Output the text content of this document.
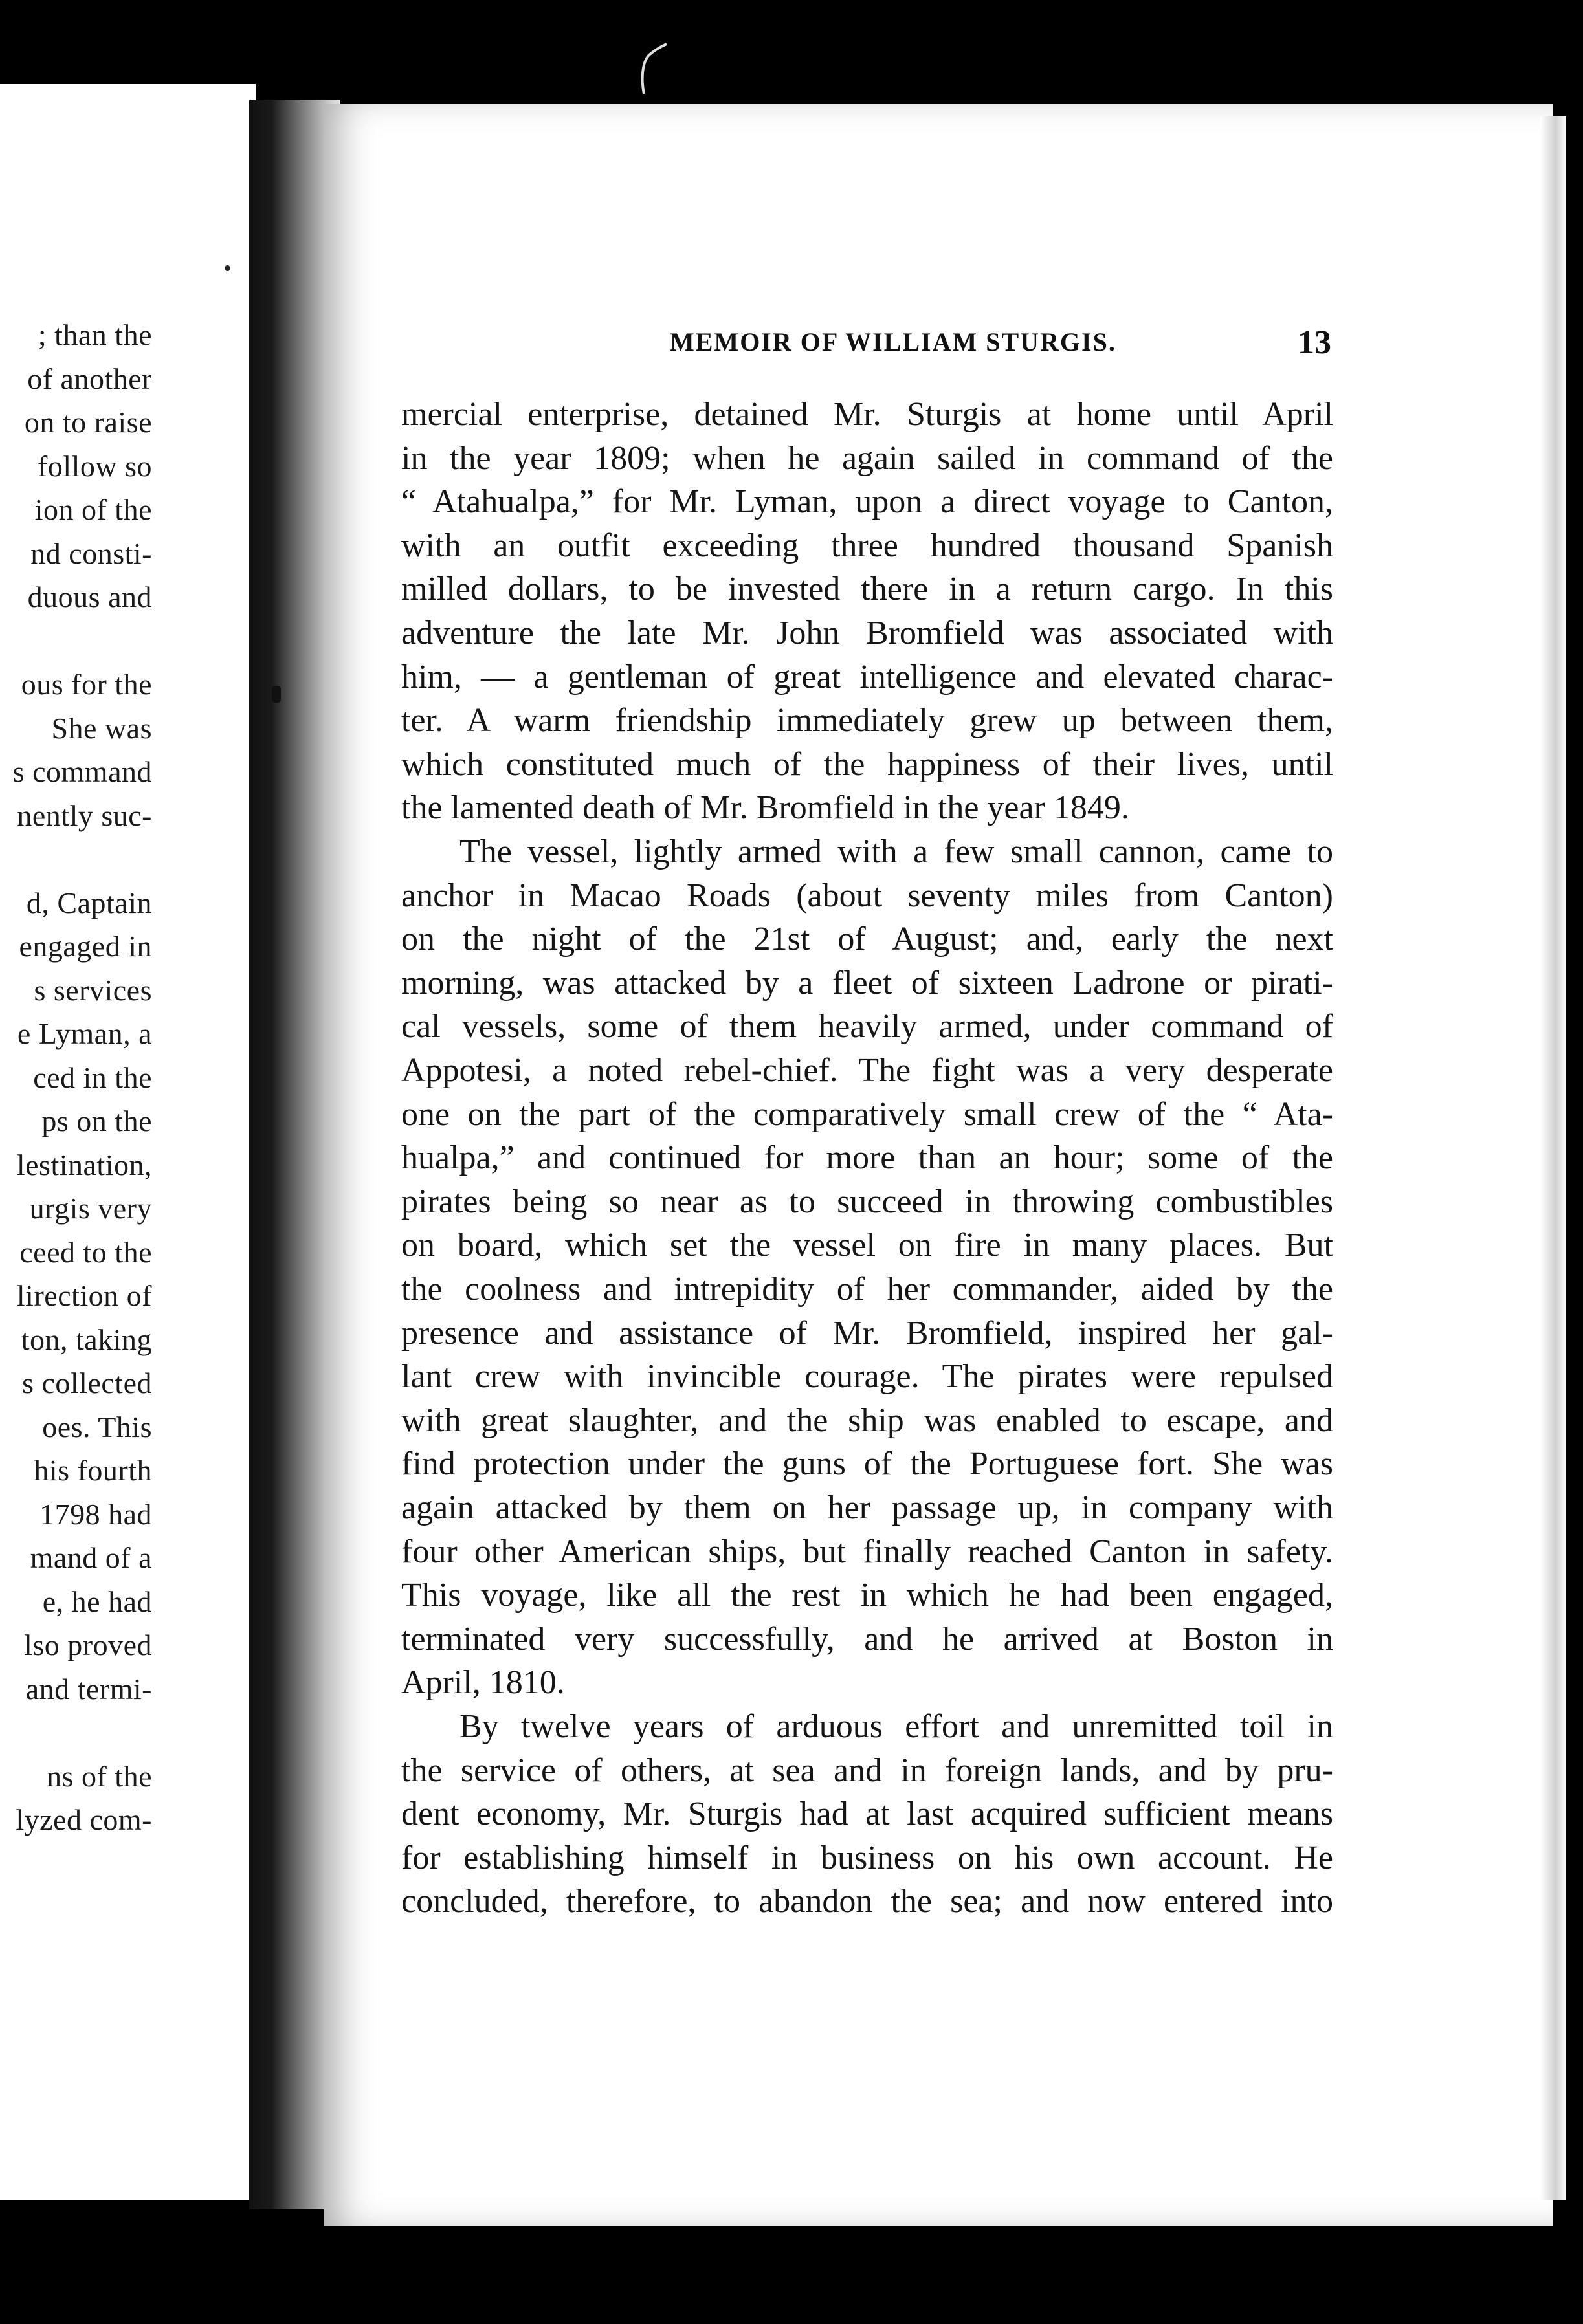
; than the
of another
on to raise
follow so
ion of the
nd consti-
duous and
ous for the
She was
s command
nently suc-
d, Captain
engaged in
s services
e Lyman, a
ced in the
ps on the
lestination,
urgis very
ceed to the
lirection of
ton, taking
s collected
oes. This
his fourth
1798 had
mand of a
e, he had
lso proved
and termi-
ns of the
lyzed com-
MEMOIR OF WILLIAM STURGIS.	13
mercial enterprise, detained Mr. Sturgis at home until April
in the year 1809; when he again sailed in command of the
“ Atahualpa,” for Mr. Lyman, upon a direct voyage to Canton,
with an outfit exceeding three hundred thousand Spanish
milled dollars, to be invested there in a return cargo. In this
adventure the late Mr. John Bromfield was associated with
him, — a gentleman of great intelligence and elevated charac-
ter. A warm friendship immediately grew up between them,
which constituted much of the happiness of their lives, until
the lamented death of Mr. Bromfield in the year 1849.
The vessel, lightly armed with a few small cannon, came to
anchor in Macao Roads (about seventy miles from Canton)
on the night of the 21st of August; and, early the next
morning, was attacked by a fleet of sixteen Ladrone or pirati-
cal vessels, some of them heavily armed, under command of
Appotesi, a noted rebel-chief. The fight was a very desperate
one on the part of the comparatively small crew of the “ Ata-
hualpa,” and continued for more than an hour; some of the
pirates being so near as to succeed in throwing combustibles
on board, which set the vessel on fire in many places. But
the coolness and intrepidity of her commander, aided by the
presence and assistance of Mr. Bromfield, inspired her gal-
lant crew with invincible courage. The pirates were repulsed
with great slaughter, and the ship was enabled to escape, and
find protection under the guns of the Portuguese fort. She was
again attacked by them on her passage up, in company with
four other American ships, but finally reached Canton in safety.
This voyage, like all the rest in which he had been engaged,
terminated very successfully, and he arrived at Boston in
April, 1810.
By twelve years of arduous effort and unremitted toil in
the service of others, at sea and in foreign lands, and by pru-
dent economy, Mr. Sturgis had at last acquired sufficient means
for establishing himself in business on his own account. He
concluded, therefore, to abandon the sea; and now entered into
